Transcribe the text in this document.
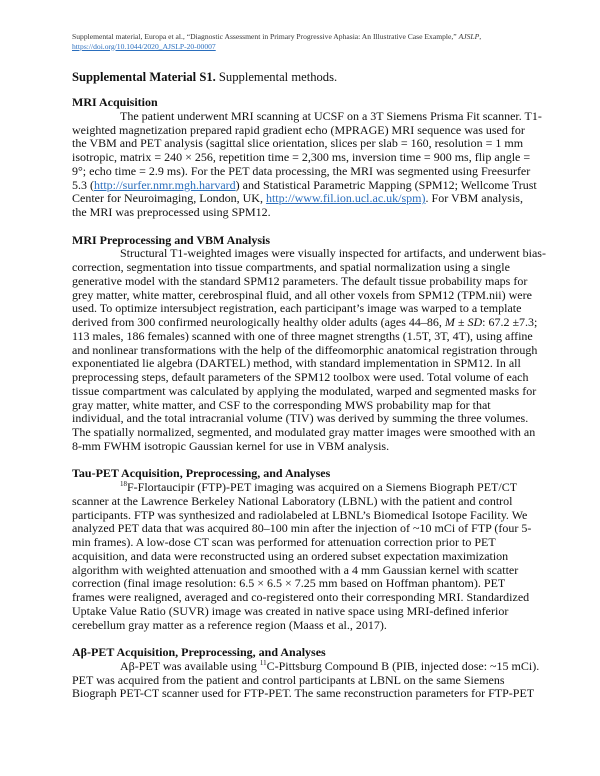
Supplemental material, Europa et al., “Diagnostic Assessment in Primary Progressive Aphasia: An Illustrative Case Example,” AJSLP,
https://doi.org/10.1044/2020_AJSLP-20-00007
Supplemental Material S1. Supplemental methods.
MRI Acquisition
The patient underwent MRI scanning at UCSF on a 3T Siemens Prisma Fit scanner. T1-
weighted magnetization prepared rapid gradient echo (MPRAGE) MRI sequence was used for
the VBM and PET analysis (sagittal slice orientation, slices per slab = 160, resolution = 1 mm
isotropic, matrix = 240 × 256, repetition time = 2,300 ms, inversion time = 900 ms, flip angle =
9°; echo time = 2.9 ms). For the PET data processing, the MRI was segmented using Freesurfer
5.3 (http://surfer.nmr.mgh.harvard) and Statistical Parametric Mapping (SPM12; Wellcome Trust
Center for Neuroimaging, London, UK, http://www.fil.ion.ucl.ac.uk/spm). For VBM analysis,
the MRI was preprocessed using SPM12.
MRI Preprocessing and VBM Analysis
Structural T1-weighted images were visually inspected for artifacts, and underwent bias-
correction, segmentation into tissue compartments, and spatial normalization using a single
generative model with the standard SPM12 parameters. The default tissue probability maps for
grey matter, white matter, cerebrospinal fluid, and all other voxels from SPM12 (TPM.nii) were
used. To optimize intersubject registration, each participant’s image was warped to a template
derived from 300 confirmed neurologically healthy older adults (ages 44–86, M ± SD: 67.2 ±7.3;
113 males, 186 females) scanned with one of three magnet strengths (1.5T, 3T, 4T), using affine
and nonlinear transformations with the help of the diffeomorphic anatomical registration through
exponentiated lie algebra (DARTEL) method, with standard implementation in SPM12. In all
preprocessing steps, default parameters of the SPM12 toolbox were used. Total volume of each
tissue compartment was calculated by applying the modulated, warped and segmented masks for
gray matter, white matter, and CSF to the corresponding MWS probability map for that
individual, and the total intracranial volume (TIV) was derived by summing the three volumes.
The spatially normalized, segmented, and modulated gray matter images were smoothed with an
8-mm FWHM isotropic Gaussian kernel for use in VBM analysis.
Tau-PET Acquisition, Preprocessing, and Analyses
$^{18}$F-Flortaucipir (FTP)-PET imaging was acquired on a Siemens Biograph PET/CT
scanner at the Lawrence Berkeley National Laboratory (LBNL) with the patient and control
participants. FTP was synthesized and radiolabeled at LBNL’s Biomedical Isotope Facility. We
analyzed PET data that was acquired 80–100 min after the injection of ~10 mCi of FTP (four 5-
min frames). A low-dose CT scan was performed for attenuation correction prior to PET
acquisition, and data were reconstructed using an ordered subset expectation maximization
algorithm with weighted attenuation and smoothed with a 4 mm Gaussian kernel with scatter
correction (final image resolution: 6.5 × 6.5 × 7.25 mm based on Hoffman phantom). PET
frames were realigned, averaged and co-registered onto their corresponding MRI. Standardized
Uptake Value Ratio (SUVR) image was created in native space using MRI-defined inferior
cerebellum gray matter as a reference region (Maass et al., 2017).
Aβ-PET Acquisition, Preprocessing, and Analyses
Aβ-PET was available using $^{11}$C-Pittsburg Compound B (PIB, injected dose: ~15 mCi).
PET was acquired from the patient and control participants at LBNL on the same Siemens
Biograph PET-CT scanner used for FTP-PET. The same reconstruction parameters for FTP-PET
